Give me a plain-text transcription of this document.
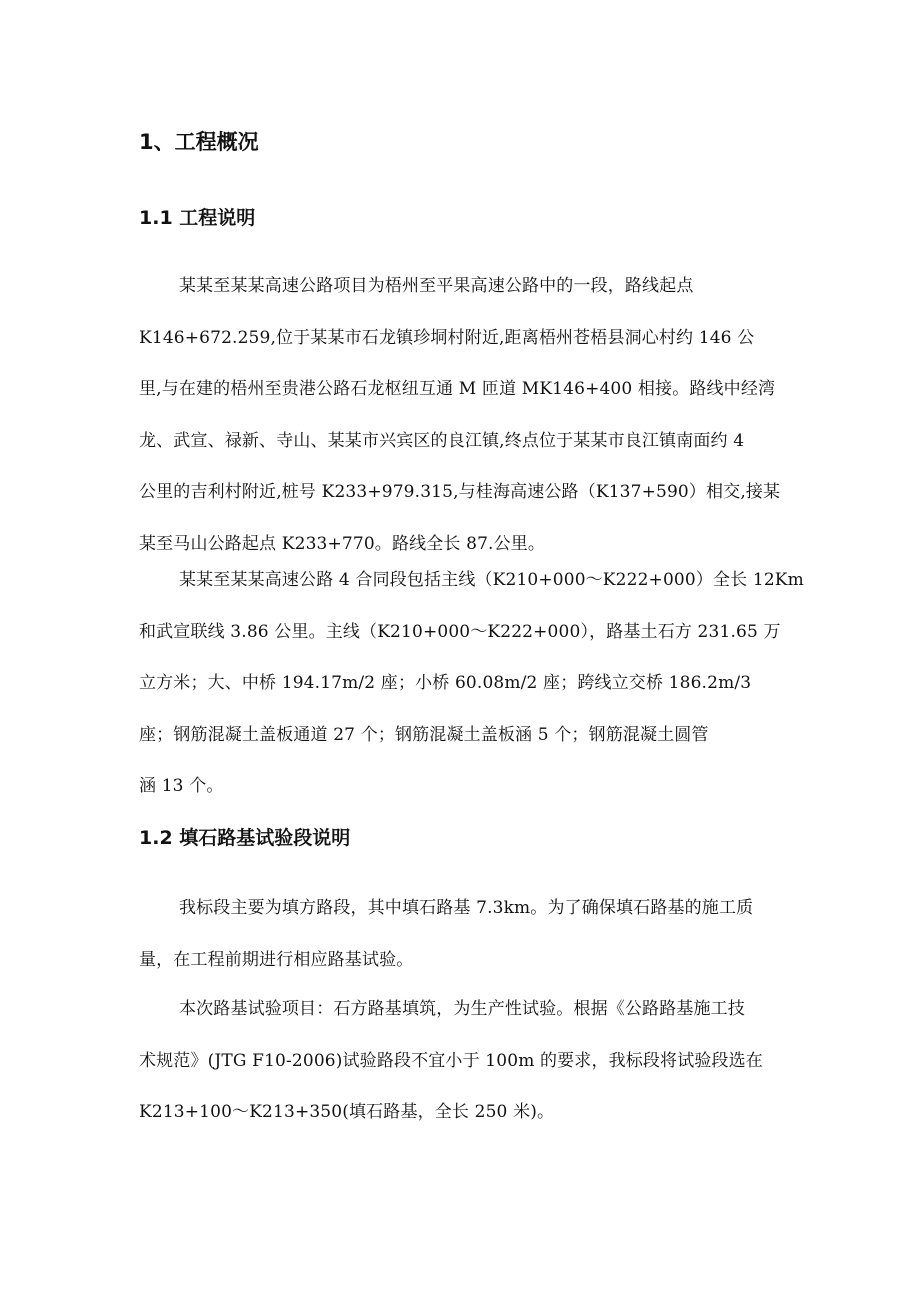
1、工程概况
1.1 工程说明
某某至某某高速公路项目为梧州至平果高速公路中的一段，路线起点
K146+672.259,位于某某市石龙镇珍垌村附近,距离梧州苍梧县洞心村约 146 公
里,与在建的梧州至贵港公路石龙枢纽互通 M 匝道 MK146+400 相接。路线中经湾
龙、武宣、禄新、寺山、某某市兴宾区的良江镇,终点位于某某市良江镇南面约 4
公里的吉利村附近,桩号 K233+979.315,与桂海高速公路（K137+590）相交,接某
某至马山公路起点 K233+770。路线全长 87.公里。
某某至某某高速公路 4 合同段包括主线（K210+000～K222+000）全长 12Km
和武宣联线 3.86 公里。主线（K210+000～K222+000），路基土石方 231.65 万
立方米；大、中桥 194.17m/2 座；小桥 60.08m/2 座；跨线立交桥 186.2m/3
座；钢筋混凝土盖板通道 27 个；钢筋混凝土盖板涵 5 个；钢筋混凝土圆管
涵 13 个。
1.2 填石路基试验段说明
我标段主要为填方路段，其中填石路基 7.3km。为了确保填石路基的施工质
量，在工程前期进行相应路基试验。
本次路基试验项目：石方路基填筑，为生产性试验。根据《公路路基施工技
术规范》(JTG F10-2006)试验路段不宜小于 100m 的要求，我标段将试验段选在
K213+100～K213+350(填石路基，全长 250 米)。
